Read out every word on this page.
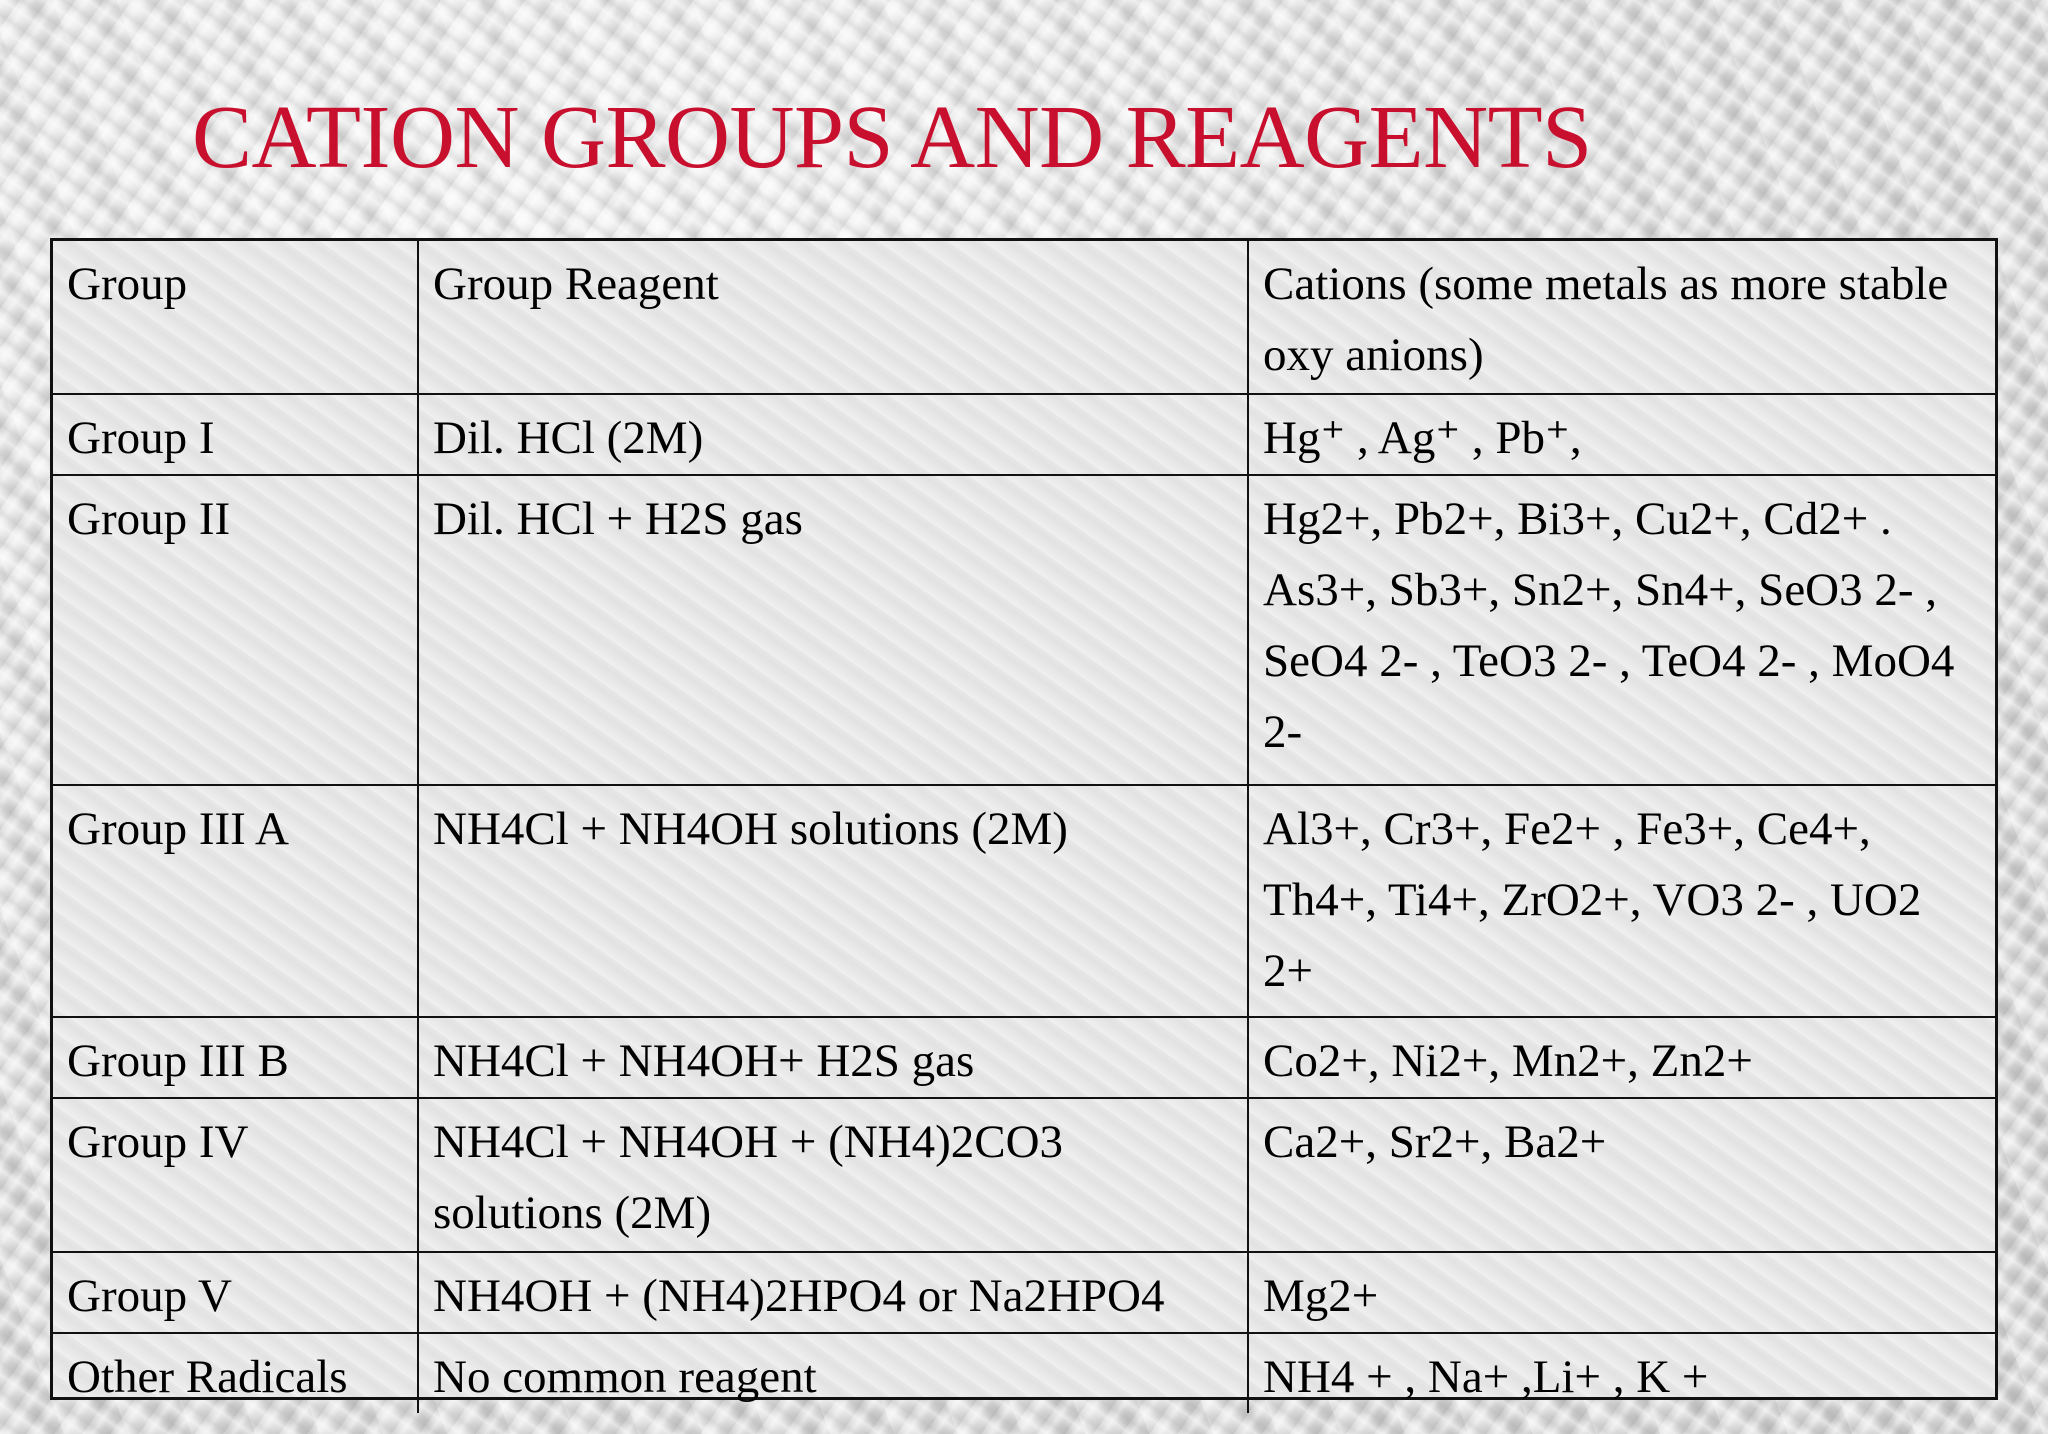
CATION GROUPS AND REAGENTS
Group	Group Reagent	Cations (some metals as more stable oxy anions)
Group I	Dil. HCl (2M)	Hg⁺ , Ag⁺ , Pb⁺,
Group II	Dil. HCl + H2S gas	Hg2+, Pb2+, Bi3+, Cu2+, Cd2+ . As3+, Sb3+, Sn2+, Sn4+, SeO3 2- , SeO4 2- , TeO3 2- , TeO4 2- , MoO4 2-
Group III A	NH4Cl + NH4OH solutions (2M)	Al3+, Cr3+, Fe2+ , Fe3+, Ce4+, Th4+, Ti4+, ZrO2+, VO3 2- , UO2 2+
Group III B	NH4Cl + NH4OH+ H2S gas	Co2+, Ni2+, Mn2+, Zn2+
Group IV	NH4Cl + NH4OH + (NH4)2CO3 solutions (2M)	Ca2+, Sr2+, Ba2+
Group V	NH4OH + (NH4)2HPO4 or Na2HPO4	Mg2+
Other Radicals	No common reagent	NH4 + , Na+ ,Li+ , K +
